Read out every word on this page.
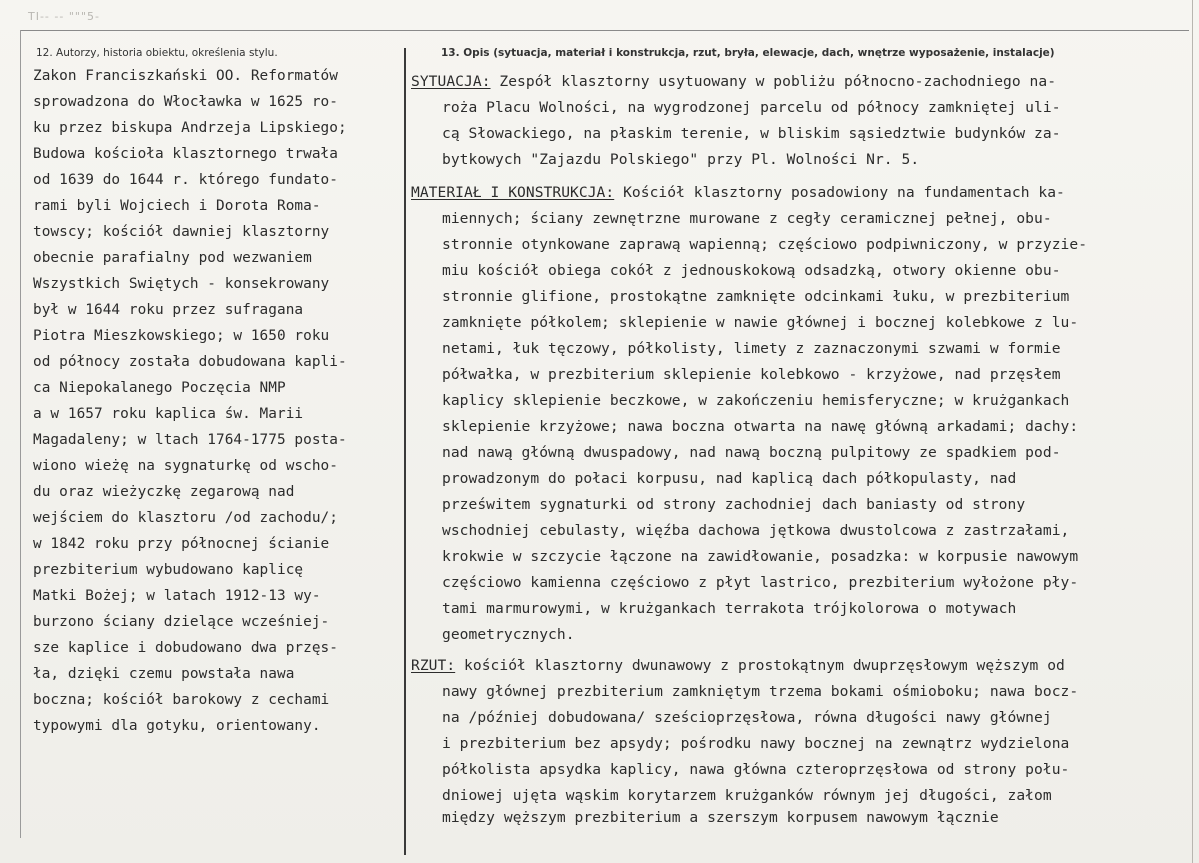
TI-- -- """5-
12. Autorzy, historia obiektu, określenia stylu.	13. Opis (sytuacja, materiał i konstrukcja, rzut, bryła, elewacje, dach, wnętrze wyposażenie, instalacje)
Zakon Franciszkański OO. Reformatów
sprowadzona do Włocławka w 1625 ro-
ku przez biskupa Andrzeja Lipskiego;
Budowa kościoła klasztornego trwała
od 1639 do 1644 r. którego fundato-
rami byli Wojciech i Dorota Roma-
towscy; kościół dawniej klasztorny
obecnie parafialny pod wezwaniem
Wszystkich Swiętych - konsekrowany
był w 1644 roku przez sufragana
Piotra Mieszkowskiego; w 1650 roku
od północy została dobudowana kapli-
ca Niepokalanego Poczęcia NMP
a w 1657 roku kaplica św. Marii
Magadaleny; w ltach 1764-1775 posta-
wiono wieżę na sygnaturkę od wscho-
du oraz wieżyczkę zegarową nad
wejściem do klasztoru /od zachodu/;
w 1842 roku przy północnej ścianie
prezbiterium wybudowano kaplicę
Matki Bożej; w latach 1912-13 wy-
burzono ściany dzielące wcześniej-
sze kaplice i dobudowano dwa przęs-
ła, dzięki czemu powstała nawa
boczna; kościół barokowy z cechami
typowymi dla gotyku, orientowany.
SYTUACJA: Zespół klasztorny usytuowany w pobliżu północno-zachodniego na-
roża Placu Wolności, na wygrodzonej parcelu od północy zamkniętej uli-
cą Słowackiego, na płaskim terenie, w bliskim sąsiedztwie budynków za-
bytkowych "Zajazdu Polskiego" przy Pl. Wolności Nr. 5.
MATERIAŁ I KONSTRUKCJA: Kościół klasztorny posadowiony na fundamentach ka-
miennych; ściany zewnętrzne murowane z cegły ceramicznej pełnej, obu-
stronnie otynkowane zaprawą wapienną; częściowo podpiwniczony, w przyzie-
miu kościół obiega cokół z jednouskokową odsadzką, otwory okienne obu-
stronnie glifione, prostokątne zamknięte odcinkami łuku, w prezbiterium
zamknięte półkolem; sklepienie w nawie głównej i bocznej kolebkowe z lu-
netami, łuk tęczowy, półkolisty, limety z zaznaczonymi szwami w formie
półwałka, w prezbiterium sklepienie kolebkowo - krzyżowe, nad przęsłem
kaplicy sklepienie beczkowe, w zakończeniu hemisferyczne; w krużgankach
sklepienie krzyżowe; nawa boczna otwarta na nawę główną arkadami; dachy:
nad nawą główną dwuspadowy, nad nawą boczną pulpitowy ze spadkiem pod-
prowadzonym do połaci korpusu, nad kaplicą dach półkopulasty, nad
prześwitem sygnaturki od strony zachodniej dach baniasty od strony
wschodniej cebulasty, więźba dachowa jętkowa dwustolcowa z zastrzałami,
krokwie w szczycie łączone na zawidłowanie, posadzka: w korpusie nawowym
częściowo kamienna częściowo z płyt lastrico, prezbiterium wyłożone pły-
tami marmurowymi, w krużgankach terrakota trójkolorowa o motywach
geometrycznych.
RZUT: kościół klasztorny dwunawowy z prostokątnym dwuprzęsłowym węższym od
nawy głównej prezbiterium zamkniętym trzema bokami ośmioboku; nawa bocz-
na /później dobudowana/ sześcioprzęsłowa, równa długości nawy głównej
i prezbiterium bez apsydy; pośrodku nawy bocznej na zewnątrz wydzielona
półkolista apsydka kaplicy, nawa główna czteroprzęsłowa od strony połu-
dniowej ujęta wąskim korytarzem krużganków równym jej długości, załom
między węższym prezbiterium a szerszym korpusem nawowym łącznie
